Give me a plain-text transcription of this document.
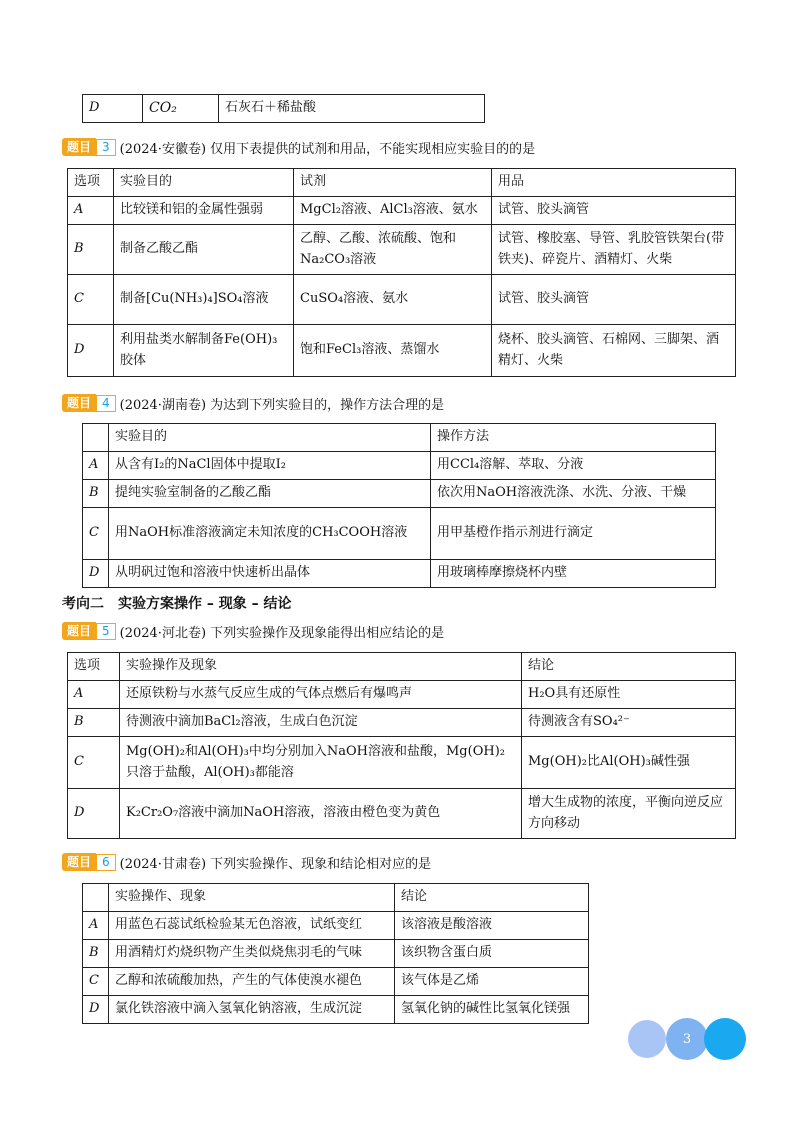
D	CO₂	石灰石＋稀盐酸
题目 3 (2024·安徽卷) 仅用下表提供的试剂和用品，不能实现相应实验目的的是
选项	实验目的	试剂	用品
A	比较镁和铝的金属性强弱	MgCl₂溶液、AlCl₃溶液、氨水	试管、胶头滴管
B	制备乙酸乙酯	乙醇、乙酸、浓硫酸、饱和Na₂CO₃溶液	试管、橡胶塞、导管、乳胶管铁架台(带铁夹)、碎瓷片、酒精灯、火柴
C	制备[Cu(NH₃)₄]SO₄溶液	CuSO₄溶液、氨水	试管、胶头滴管
D	利用盐类水解制备Fe(OH)₃胶体	饱和FeCl₃溶液、蒸馏水	烧杯、胶头滴管、石棉网、三脚架、酒精灯、火柴
题目 4 (2024·湖南卷) 为达到下列实验目的，操作方法合理的是
	实验目的	操作方法
A	从含有I₂的NaCl固体中提取I₂	用CCl₄溶解、萃取、分液
B	提纯实验室制备的乙酸乙酯	依次用NaOH溶液洗涤、水洗、分液、干燥
C	用NaOH标准溶液滴定未知浓度的CH₃COOH溶液	用甲基橙作指示剂进行滴定
D	从明矾过饱和溶液中快速析出晶体	用玻璃棒摩擦烧杯内壁
考向二　实验方案操作 – 现象 – 结论
题目 5 (2024·河北卷) 下列实验操作及现象能得出相应结论的是
选项	实验操作及现象	结论
A	还原铁粉与水蒸气反应生成的气体点燃后有爆鸣声	H₂O具有还原性
B	待测液中滴加BaCl₂溶液，生成白色沉淀	待测液含有SO₄²⁻
C	Mg(OH)₂和Al(OH)₃中均分别加入NaOH溶液和盐酸，Mg(OH)₂只溶于盐酸，Al(OH)₃都能溶	Mg(OH)₂比Al(OH)₃碱性强
D	K₂Cr₂O₇溶液中滴加NaOH溶液，溶液由橙色变为黄色	增大生成物的浓度，平衡向逆反应方向移动
题目 6 (2024·甘肃卷) 下列实验操作、现象和结论相对应的是
	实验操作、现象	结论
A	用蓝色石蕊试纸检验某无色溶液，试纸变红	该溶液是酸溶液
B	用酒精灯灼烧织物产生类似烧焦羽毛的气味	该织物含蛋白质
C	乙醇和浓硫酸加热，产生的气体使溴水褪色	该气体是乙烯
D	氯化铁溶液中滴入氢氧化钠溶液，生成沉淀	氢氧化钠的碱性比氢氧化镁强
3
